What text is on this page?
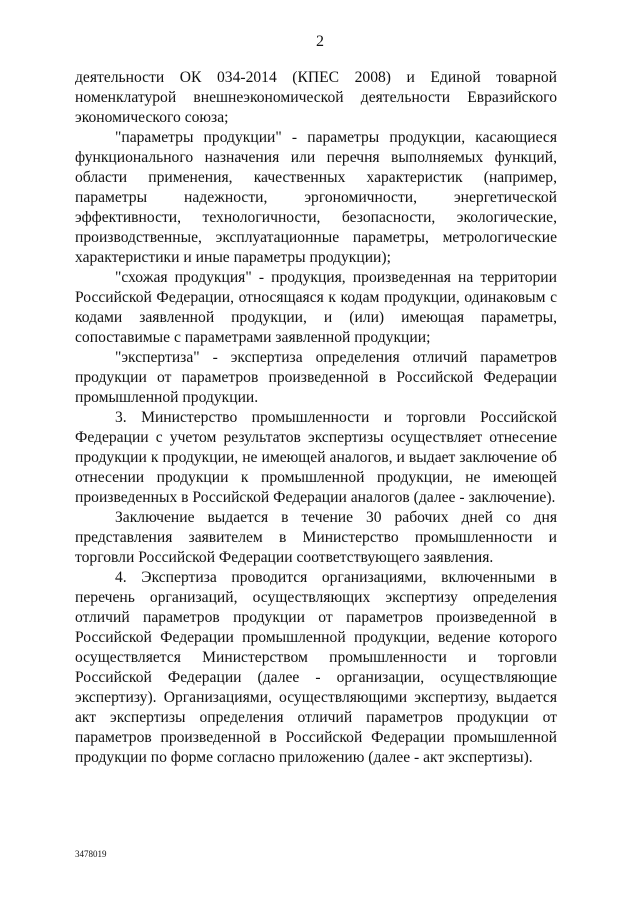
2

деятельности ОК 034-2014 (КПЕС 2008) и Единой товарной номенклатурой внешнеэкономической деятельности Евразийского экономического союза;

"параметры продукции" - параметры продукции, касающиеся функционального назначения или перечня выполняемых функций, области применения, качественных характеристик (например, параметры надежности, эргономичности, энергетической эффективности, технологичности, безопасности, экологические, производственные, эксплуатационные параметры, метрологические характеристики и иные параметры продукции);

"схожая продукция" - продукция, произведенная на территории Российской Федерации, относящаяся к кодам продукции, одинаковым с кодами заявленной продукции, и (или) имеющая параметры, сопоставимые с параметрами заявленной продукции;

"экспертиза" - экспертиза определения отличий параметров продукции от параметров произведенной в Российской Федерации промышленной продукции.

3. Министерство промышленности и торговли Российской Федерации с учетом результатов экспертизы осуществляет отнесение продукции к продукции, не имеющей аналогов, и выдает заключение об отнесении продукции к промышленной продукции, не имеющей произведенных в Российской Федерации аналогов (далее - заключение).

Заключение выдается в течение 30 рабочих дней со дня представления заявителем в Министерство промышленности и торговли Российской Федерации соответствующего заявления.

4. Экспертиза проводится организациями, включенными в перечень организаций, осуществляющих экспертизу определения отличий параметров продукции от параметров произведенной в Российской Федерации промышленной продукции, ведение которого осуществляется Министерством промышленности и торговли Российской Федерации (далее - организации, осуществляющие экспертизу). Организациями, осуществляющими экспертизу, выдается акт экспертизы определения отличий параметров продукции от параметров произведенной в Российской Федерации промышленной продукции по форме согласно приложению (далее - акт экспертизы).

3478019
